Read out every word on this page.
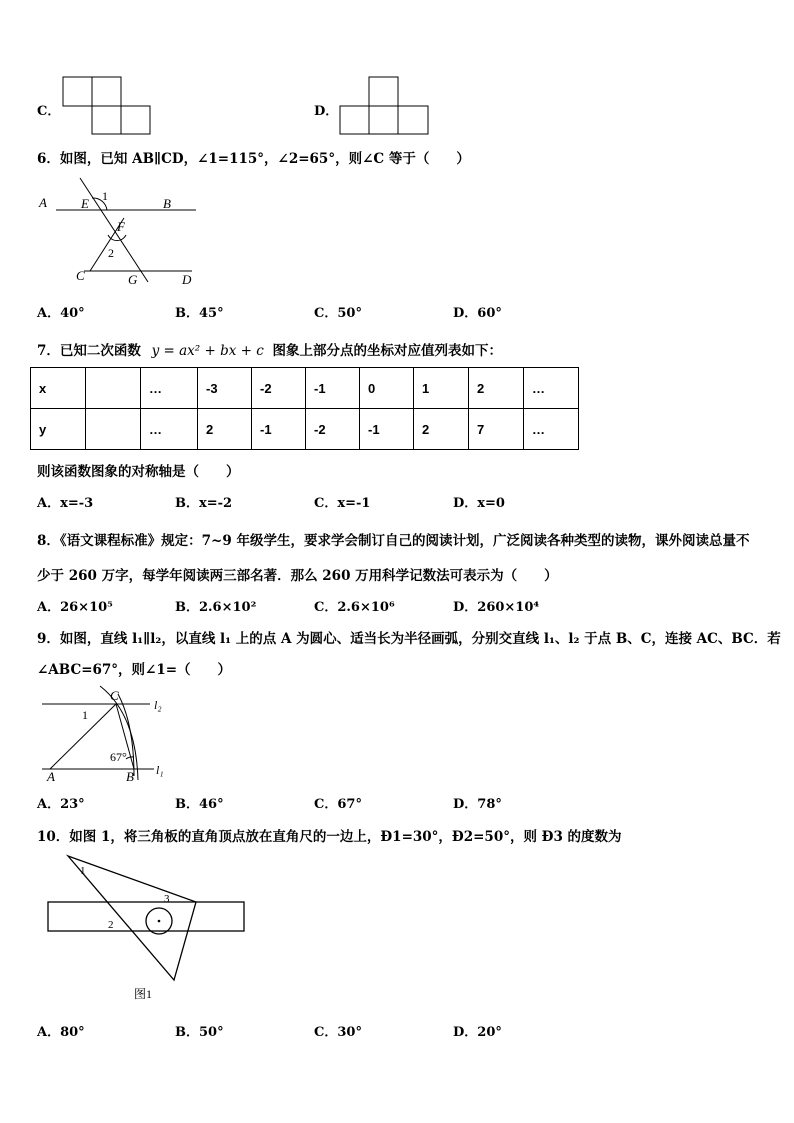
C．	D．
6．如图，已知 AB∥CD，∠1=115°，∠2=65°，则∠C 等于（　　）
A	E 1	B
F
2
C	G	D
A．40°	B．45°	C．50°	D．60°
7．已知二次函数 y = ax² + bx + c 图象上部分点的坐标对应值列表如下：
x		…	-3	-2	-1	0	1	2	…
y		…	2	-1	-2	-1	2	7	…
则该函数图象的对称轴是（　　）
A．x=-3	B．x=-2	C．x=-1	D．x=0
8．《语文课程标准》规定：7~9 年级学生，要求学会制订自己的阅读计划，广泛阅读各种类型的读物，课外阅读总量不
少于 260 万字，每学年阅读两三部名著．那么 260 万用科学记数法可表示为（　　）
A．26×10⁵	B．2.6×10²	C．2.6×10⁶	D．260×10⁴
9．如图，直线 l₁∥l₂，以直线 l₁ 上的点 A 为圆心、适当长为半径画弧，分别交直线 l₁、l₂ 于点 B、C，连接 AC、BC．若
∠ABC=67°，则∠1=（　　）
C
l₂
1
67°
A	B l₁
A．23°	B．46°	C．67°	D．78°
10．如图 1，将三角板的直角顶点放在直角尺的一边上，Ð1=30°，Ð2=50°，则 Ð3 的度数为
1
2
3
图1
A．80°	B．50°	C．30°	D．20°
